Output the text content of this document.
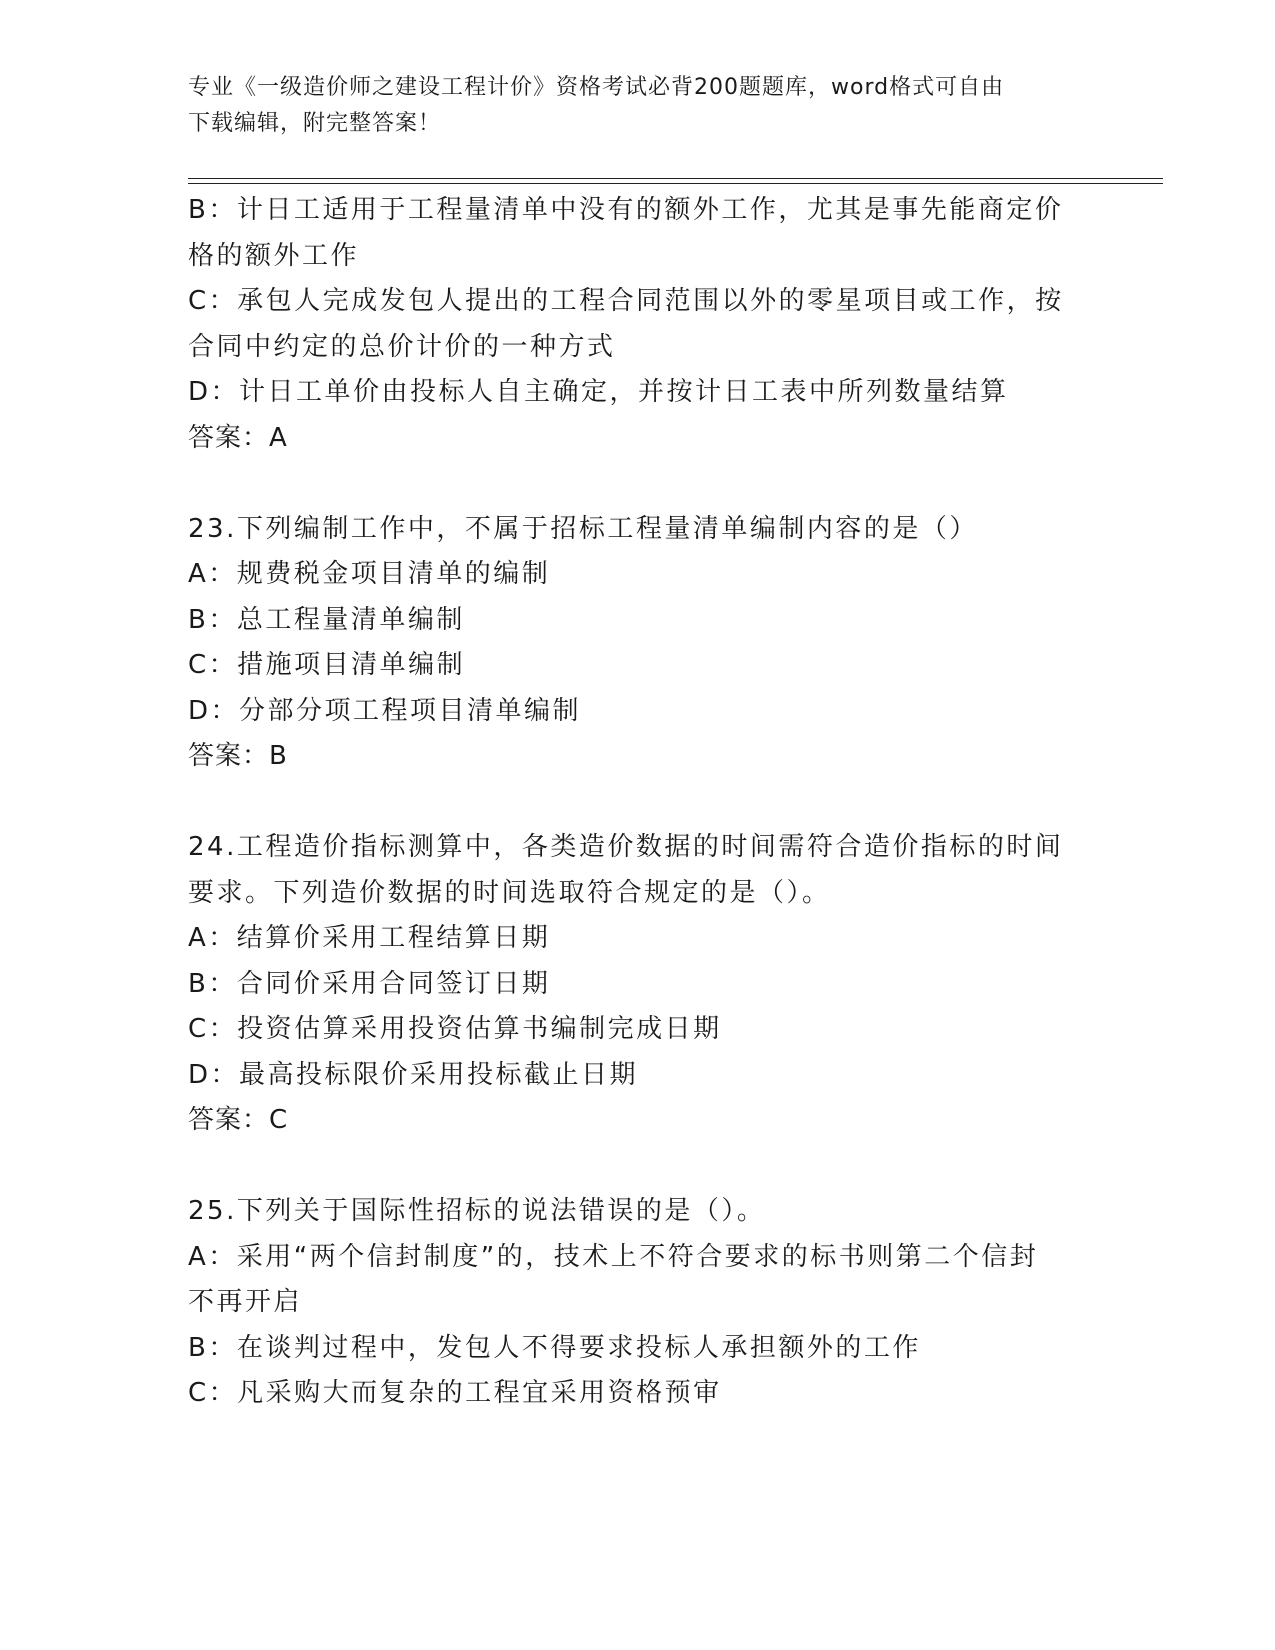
专业《一级造价师之建设工程计价》资格考试必背200题题库，word格式可自由
下载编辑，附完整答案！

B：计日工适用于工程量清单中没有的额外工作，尤其是事先能商定价

格的额外工作

C：承包人完成发包人提出的工程合同范围以外的零星项目或工作，按

合同中约定的总价计价的一种方式

D：计日工单价由投标人自主确定，并按计日工表中所列数量结算

答案：A

23.下列编制工作中，不属于招标工程量清单编制内容的是（）

A：规费税金项目清单的编制

B：总工程量清单编制

C：措施项目清单编制

D：分部分项工程项目清单编制

答案：B

24.工程造价指标测算中，各类造价数据的时间需符合造价指标的时间

要求。下列造价数据的时间选取符合规定的是（）。

A：结算价采用工程结算日期

B：合同价采用合同签订日期

C：投资估算采用投资估算书编制完成日期

D：最高投标限价采用投标截止日期

答案：C

25.下列关于国际性招标的说法错误的是（）。

A：采用“两个信封制度”的，技术上不符合要求的标书则第二个信封

不再开启

B：在谈判过程中，发包人不得要求投标人承担额外的工作

C：凡采购大而复杂的工程宜采用资格预审
